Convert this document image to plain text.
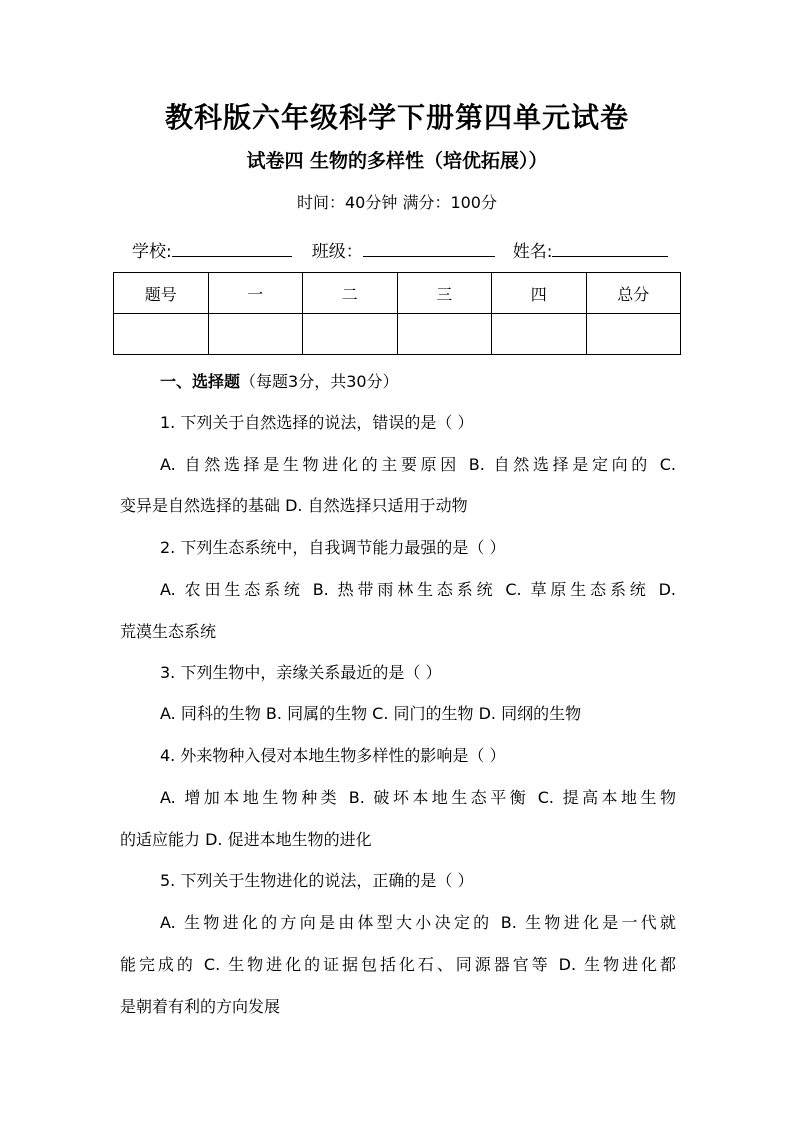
教科版六年级科学下册第四单元试卷
试卷四 生物的多样性（培优拓展））
时间：40分钟 满分：100分
学校:	班级：	姓名:
题号	一	二	三	四	总分

一、选择题（每题3分，共30分）
1. 下列关于自然选择的说法，错误的是（ ）
A. 自然选择是生物进化的主要原因 B. 自然选择是定向的 C.
变异是自然选择的基础 D. 自然选择只适用于动物
2. 下列生态系统中，自我调节能力最强的是（ ）
A. 农田生态系统 B. 热带雨林生态系统 C. 草原生态系统 D.
荒漠生态系统
3. 下列生物中，亲缘关系最近的是（ ）
A. 同科的生物 B. 同属的生物 C. 同门的生物 D. 同纲的生物
4. 外来物种入侵对本地生物多样性的影响是（ ）
A. 增加本地生物种类 B. 破坏本地生态平衡 C. 提高本地生物
的适应能力 D. 促进本地生物的进化
5. 下列关于生物进化的说法，正确的是（ ）
A. 生物进化的方向是由体型大小决定的 B. 生物进化是一代就
能完成的 C. 生物进化的证据包括化石、同源器官等 D. 生物进化都
是朝着有利的方向发展
